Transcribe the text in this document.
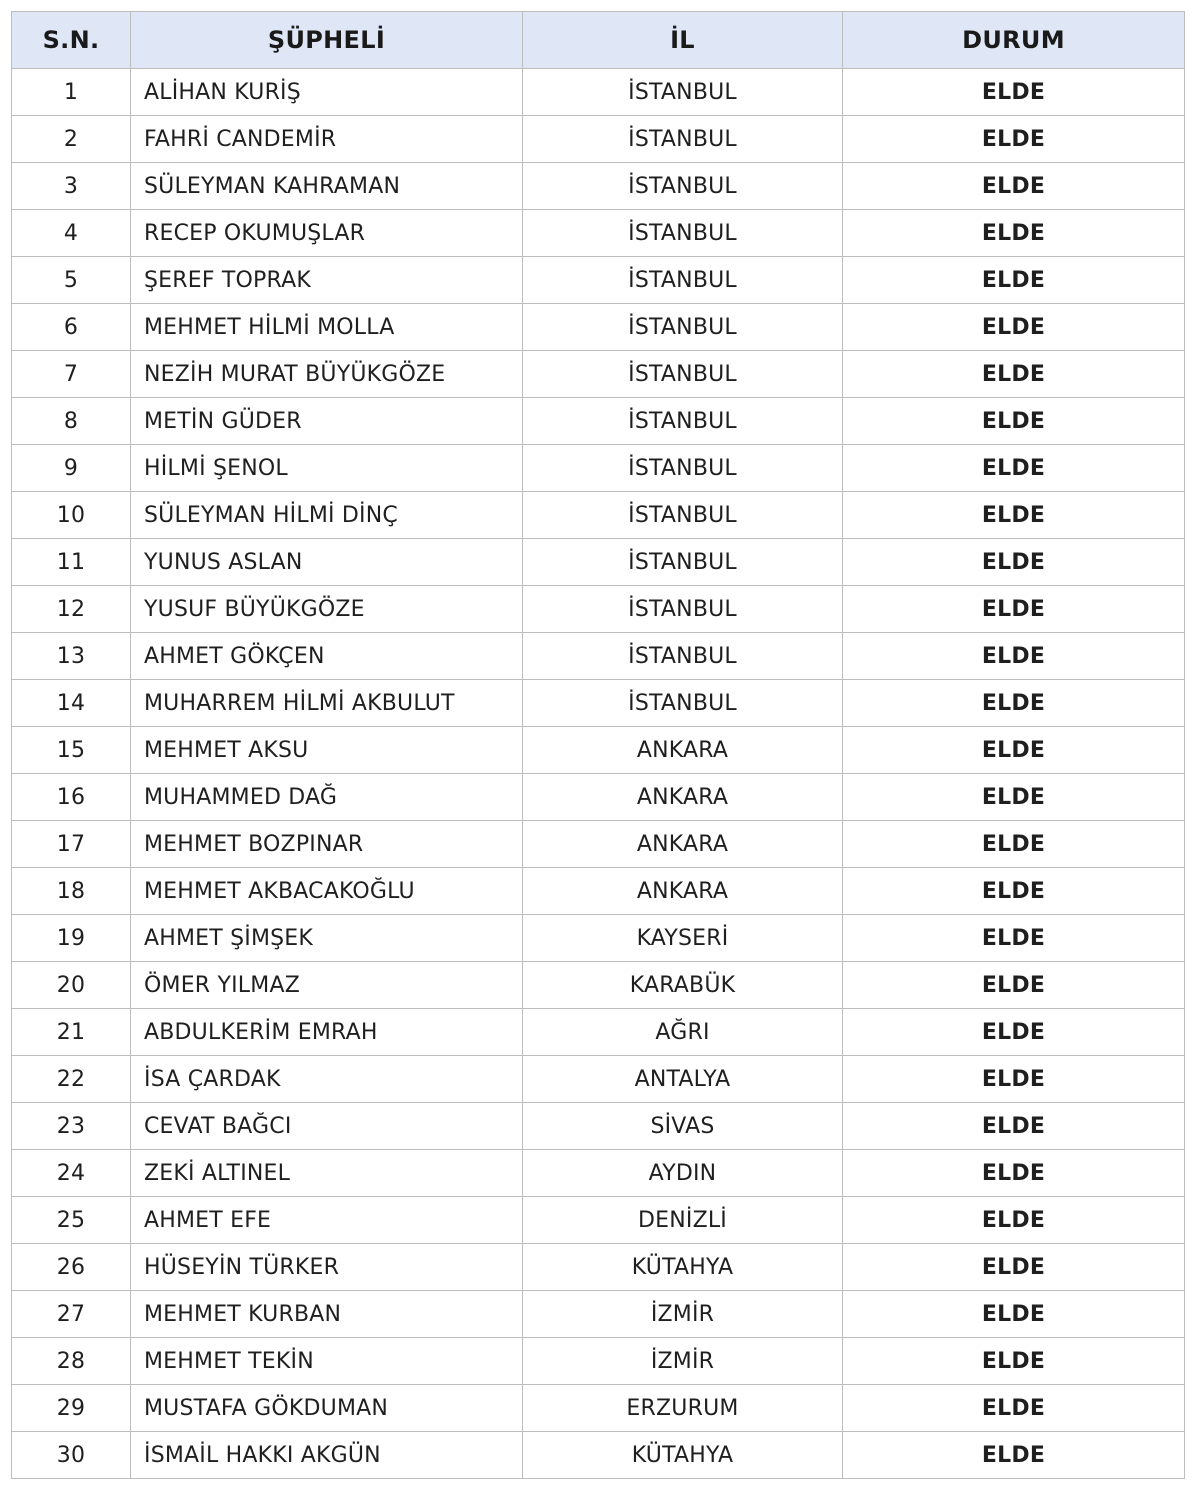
S.N.	ŞÜPHELİ	İL	DURUM
1	ALİHAN KURİŞ	İSTANBUL	ELDE
2	FAHRİ CANDEMİR	İSTANBUL	ELDE
3	SÜLEYMAN KAHRAMAN	İSTANBUL	ELDE
4	RECEP OKUMUŞLAR	İSTANBUL	ELDE
5	ŞEREF TOPRAK	İSTANBUL	ELDE
6	MEHMET HİLMİ MOLLA	İSTANBUL	ELDE
7	NEZİH MURAT BÜYÜKGÖZE	İSTANBUL	ELDE
8	METİN GÜDER	İSTANBUL	ELDE
9	HİLMİ ŞENOL	İSTANBUL	ELDE
10	SÜLEYMAN HİLMİ DİNÇ	İSTANBUL	ELDE
11	YUNUS ASLAN	İSTANBUL	ELDE
12	YUSUF BÜYÜKGÖZE	İSTANBUL	ELDE
13	AHMET GÖKÇEN	İSTANBUL	ELDE
14	MUHARREM HİLMİ AKBULUT	İSTANBUL	ELDE
15	MEHMET AKSU	ANKARA	ELDE
16	MUHAMMED DAĞ	ANKARA	ELDE
17	MEHMET BOZPINAR	ANKARA	ELDE
18	MEHMET AKBACAKOĞLU	ANKARA	ELDE
19	AHMET ŞİMŞEK	KAYSERİ	ELDE
20	ÖMER YILMAZ	KARABÜK	ELDE
21	ABDULKERİM EMRAH	AĞRI	ELDE
22	İSA ÇARDAK	ANTALYA	ELDE
23	CEVAT BAĞCI	SİVAS	ELDE
24	ZEKİ ALTINEL	AYDIN	ELDE
25	AHMET EFE	DENİZLİ	ELDE
26	HÜSEYİN TÜRKER	KÜTAHYA	ELDE
27	MEHMET KURBAN	İZMİR	ELDE
28	MEHMET TEKİN	İZMİR	ELDE
29	MUSTAFA GÖKDUMAN	ERZURUM	ELDE
30	İSMAİL HAKKI AKGÜN	KÜTAHYA	ELDE
